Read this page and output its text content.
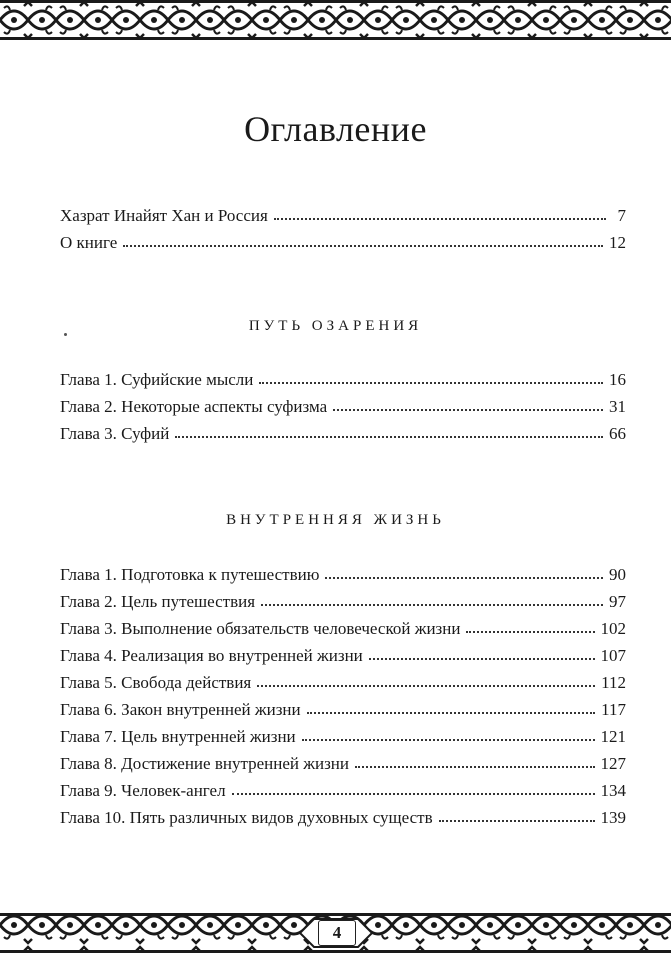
Оглавление
Хазрат Инайят Хан и Россия	7
О книге	12
ПУТЬ ОЗАРЕНИЯ
Глава 1. Суфийские мысли	16
Глава 2. Некоторые аспекты суфизма	31
Глава 3. Суфий	66
ВНУТРЕННЯЯ ЖИЗНЬ
Глава 1. Подготовка к путешествию	90
Глава 2. Цель путешествия	97
Глава 3. Выполнение обязательств человеческой жизни	102
Глава 4. Реализация во внутренней жизни	107
Глава 5. Свобода действия	112
Глава 6. Закон внутренней жизни	117
Глава 7. Цель внутренней жизни	121
Глава 8. Достижение внутренней жизни	127
Глава 9. Человек-ангел	134
Глава 10. Пять различных видов духовных существ	139
4
